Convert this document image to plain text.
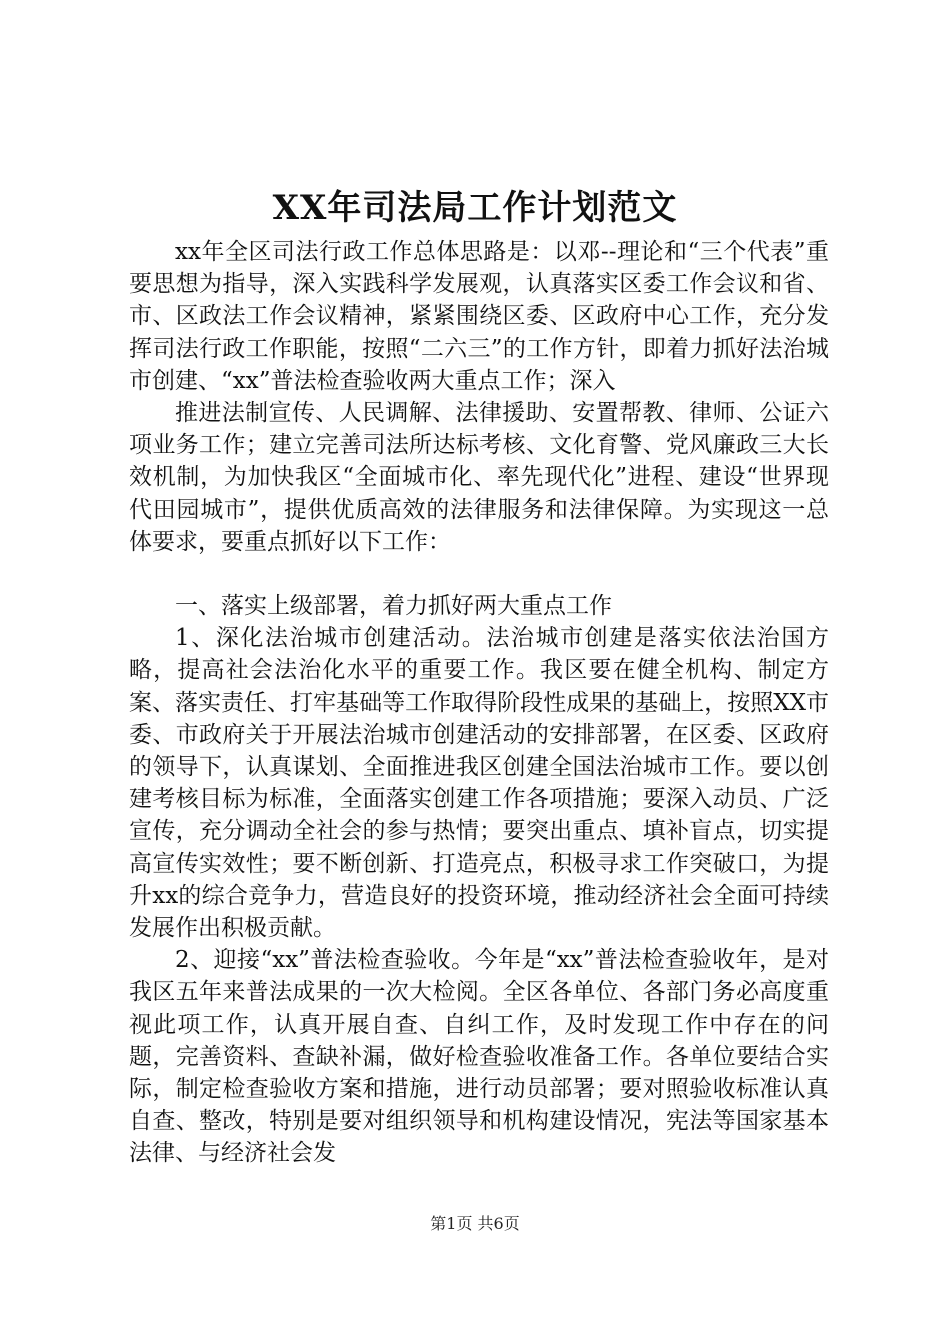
XX年司法局工作计划范文

xx年全区司法行政工作总体思路是：以邓--理论和“三个代表”重要思想为指导，深入实践科学发展观，认真落实区委工作会议和省、市、区政法工作会议精神，紧紧围绕区委、区政府中心工作，充分发挥司法行政工作职能，按照“二六三”的工作方针，即着力抓好法治城市创建、“xx”普法检查验收两大重点工作；深入

推进法制宣传、人民调解、法律援助、安置帮教、律师、公证六项业务工作；建立完善司法所达标考核、文化育警、党风廉政三大长效机制，为加快我区“全面城市化、率先现代化”进程、建设“世界现代田园城市”，提供优质高效的法律服务和法律保障。为实现这一总体要求，要重点抓好以下工作：

一、落实上级部署，着力抓好两大重点工作

1、深化法治城市创建活动。法治城市创建是落实依法治国方略，提高社会法治化水平的重要工作。我区要在健全机构、制定方案、落实责任、打牢基础等工作取得阶段性成果的基础上，按照XX市委、市政府关于开展法治城市创建活动的安排部署，在区委、区政府的领导下，认真谋划、全面推进我区创建全国法治城市工作。要以创建考核目标为标准，全面落实创建工作各项措施；要深入动员、广泛宣传，充分调动全社会的参与热情；要突出重点、填补盲点，切实提高宣传实效性；要不断创新、打造亮点，积极寻求工作突破口，为提升xx的综合竞争力，营造良好的投资环境，推动经济社会全面可持续发展作出积极贡献。

2、迎接“xx”普法检查验收。今年是“xx”普法检查验收年，是对我区五年来普法成果的一次大检阅。全区各单位、各部门务必高度重视此项工作，认真开展自查、自纠工作，及时发现工作中存在的问题，完善资料、查缺补漏，做好检查验收准备工作。各单位要结合实际，制定检查验收方案和措施，进行动员部署；要对照验收标准认真自查、整改，特别是要对组织领导和机构建设情况，宪法等国家基本法律、与经济社会发

第1页 共6页
